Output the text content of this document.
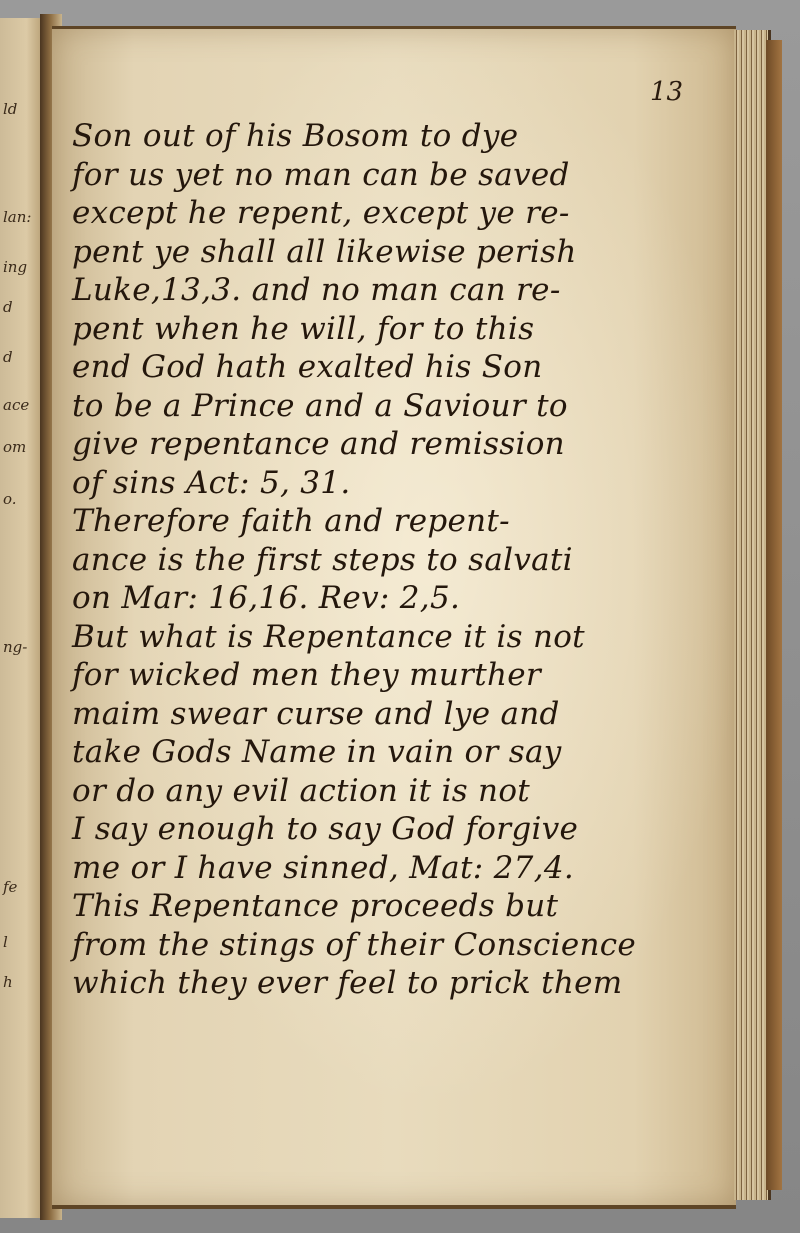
ld
lan:
ing
d
d
ace
om
o.
ng-
fe
l
h
13
Son out of his Bosom to dye
for us yet no man can be saved
except he repent, except ye re-
pent ye shall all likewise perish
Luke,13,3. and no man can re-
pent when he will, for to this
end God hath exalted his Son
to be a Prince and a Saviour to
give repentance and remission
of sins Act: 5, 31.
Therefore faith and repent-
ance is the first steps to salvati
on Mar: 16,16. Rev: 2,5.
But what is Repentance it is not
for wicked men they murther
maim swear curse and lye and
take Gods Name in vain or say
or do any evil action it is not
I say enough to say God forgive
me or I have sinned, Mat: 27,4.
This Repentance proceeds but
from the stings of their Conscience
which they ever feel to prick them
